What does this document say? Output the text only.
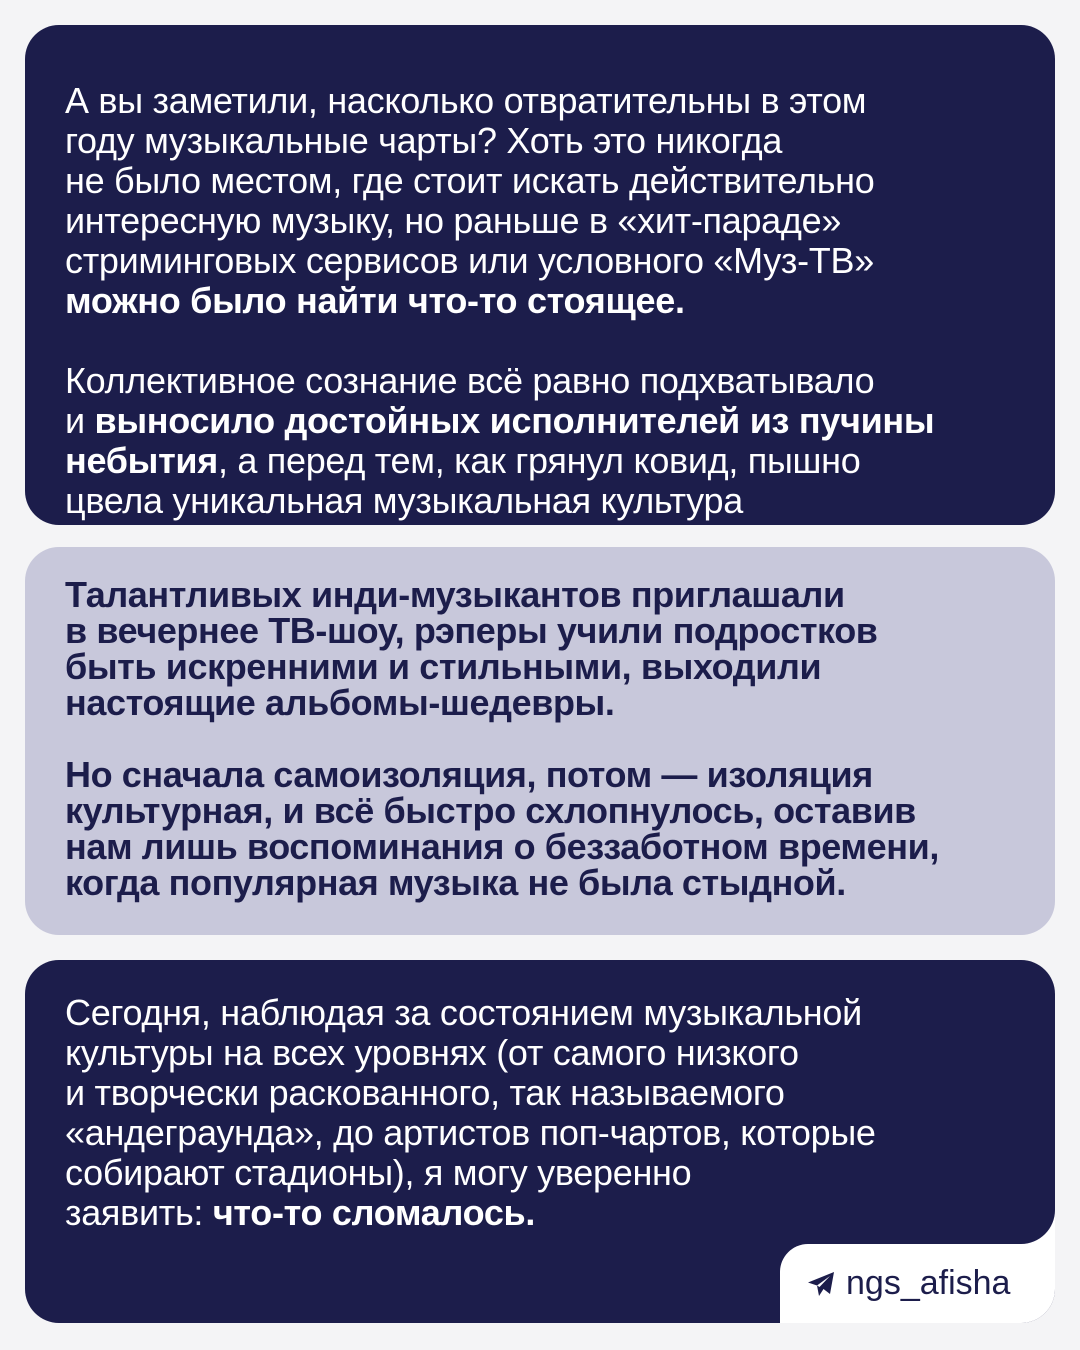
А вы заметили, насколько отвратительны в этом
году музыкальные чарты? Хоть это никогда
не было местом, где стоит искать действительно
интересную музыку, но раньше в «хит-параде»
стриминговых сервисов или условного «Муз-ТВ»
можно было найти что-то стоящее.
Коллективное сознание всё равно подхватывало
и выносило достойных исполнителей из пучины
небытия, а перед тем, как грянул ковид, пышно
цвела уникальная музыкальная культура
Талантливых инди-музыкантов приглашали
в вечернее ТВ-шоу, рэперы учили подростков
быть искренними и стильными, выходили
настоящие альбомы-шедевры.
Но сначала самоизоляция, потом — изоляция
культурная, и всё быстро схлопнулось, оставив
нам лишь воспоминания о беззаботном времени,
когда популярная музыка не была стыдной.
Сегодня, наблюдая за состоянием музыкальной
культуры на всех уровнях (от самого низкого
и творчески раскованного, так называемого
«андеграунда», до артистов поп-чартов, которые
собирают стадионы), я могу уверенно
заявить: что-то сломалось.
ngs_afisha
